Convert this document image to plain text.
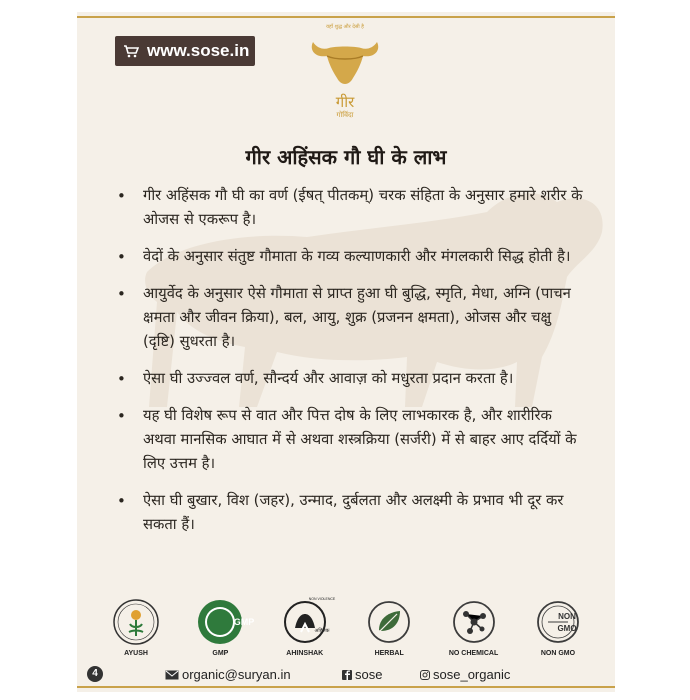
www.sose.in
यहाँ शुद्ध और देसी है
गीर
गोविंदा
गीर अहिंसक गौ घी के लाभ
• गीर अहिंसक गौ घी का वर्ण (ईषत् पीतकम्) चरक संहिता के अनुसार हमारे शरीर के ओजस से एकरूप है।
• वेदों के अनुसार संतुष्ट गौमाता के गव्य कल्याणकारी और मंगलकारी सिद्ध होती है।
• आयुर्वेद के अनुसार ऐसे गौमाता से प्राप्त हुआ घी बुद्धि, स्मृति, मेधा, अग्नि (पाचन क्षमता और जीवन क्रिया), बल, आयु, शुक्र (प्रजनन क्षमता), ओजस और चक्षु (दृष्टि) सुधरता है।
• ऐसा घी उज्ज्वल वर्ण, सौन्दर्य और आवाज़ को मधुरता प्रदान करता है।
• यह घी विशेष रूप से वात और पित्त दोष के लिए लाभकारक है, और शारीरिक अथवा मानसिक आघात में से अथवा शस्त्रक्रिया (सर्जरी) में से बाहर आए दर्दियों के लिए उत्तम है।
• ऐसा घी बुखार, विश (जहर), उन्माद, दुर्बलता और अलक्ष्मी के प्रभाव भी दूर कर सकता हैं।
AYUSH	GMP	AHINSHAK	HERBAL	NO CHEMICAL	NON GMO
GMP
NON VIOLENCE
अहिंसक
NON
GMO
4	organic@suryan.in	sose	sose_organic
